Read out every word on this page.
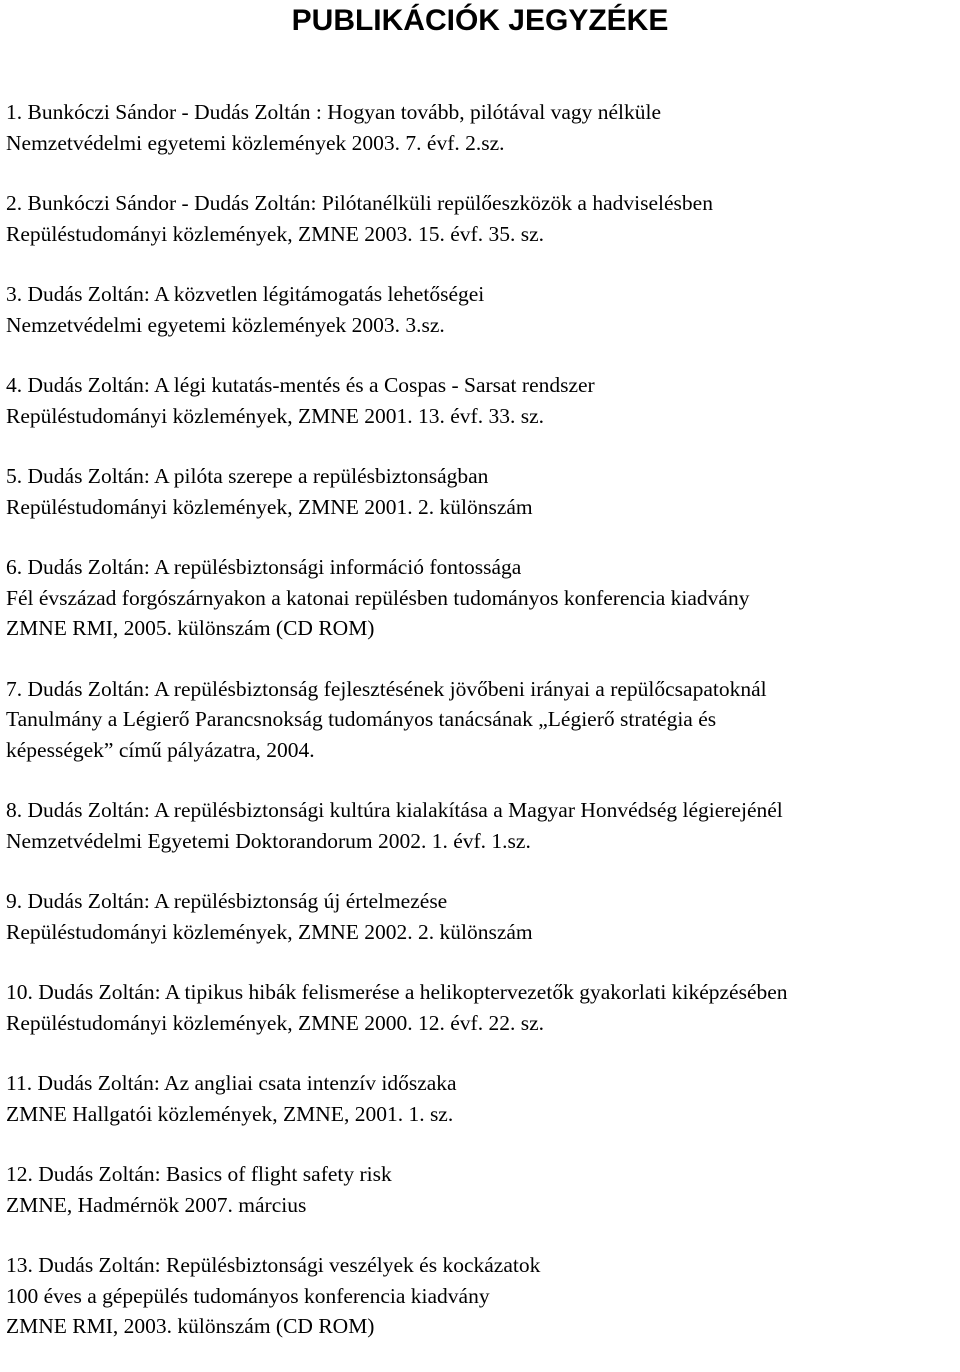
PUBLIKÁCIÓK JEGYZÉKE
1. Bunkóczi Sándor - Dudás Zoltán : Hogyan tovább, pilótával vagy nélküle
Nemzetvédelmi egyetemi közlemények 2003. 7. évf. 2.sz.
2. Bunkóczi Sándor - Dudás Zoltán: Pilótanélküli repülőeszközök a hadviselésben
Repüléstudományi közlemények, ZMNE 2003. 15. évf. 35. sz.
3. Dudás Zoltán: A közvetlen légitámogatás lehetőségei
Nemzetvédelmi egyetemi közlemények 2003. 3.sz.
4. Dudás Zoltán: A légi kutatás-mentés és a Cospas - Sarsat rendszer
Repüléstudományi közlemények, ZMNE 2001. 13. évf. 33. sz.
5. Dudás Zoltán: A pilóta szerepe a repülésbiztonságban
Repüléstudományi közlemények, ZMNE 2001. 2. különszám
6. Dudás Zoltán: A repülésbiztonsági információ fontossága
Fél évszázad forgószárnyakon a katonai repülésben tudományos konferencia kiadvány
ZMNE RMI, 2005. különszám (CD ROM)
7. Dudás Zoltán: A repülésbiztonság fejlesztésének jövőbeni irányai a repülőcsapatoknál
Tanulmány a Légierő Parancsnokság tudományos tanácsának „Légierő stratégia és
képességek” című pályázatra, 2004.
8. Dudás Zoltán: A repülésbiztonsági kultúra kialakítása a Magyar Honvédség légierejénél
Nemzetvédelmi Egyetemi Doktorandorum 2002. 1. évf. 1.sz.
9. Dudás Zoltán: A repülésbiztonság új értelmezése
Repüléstudományi közlemények, ZMNE 2002. 2. különszám
10. Dudás Zoltán: A tipikus hibák felismerése a helikoptervezetők gyakorlati kiképzésében
Repüléstudományi közlemények, ZMNE 2000. 12. évf. 22. sz.
11. Dudás Zoltán: Az angliai csata intenzív időszaka
ZMNE Hallgatói közlemények, ZMNE, 2001. 1. sz.
12. Dudás Zoltán: Basics of flight safety risk
ZMNE, Hadmérnök 2007. március
13. Dudás Zoltán: Repülésbiztonsági veszélyek és kockázatok
100 éves a gépepülés tudományos konferencia kiadvány
ZMNE RMI, 2003. különszám (CD ROM)
